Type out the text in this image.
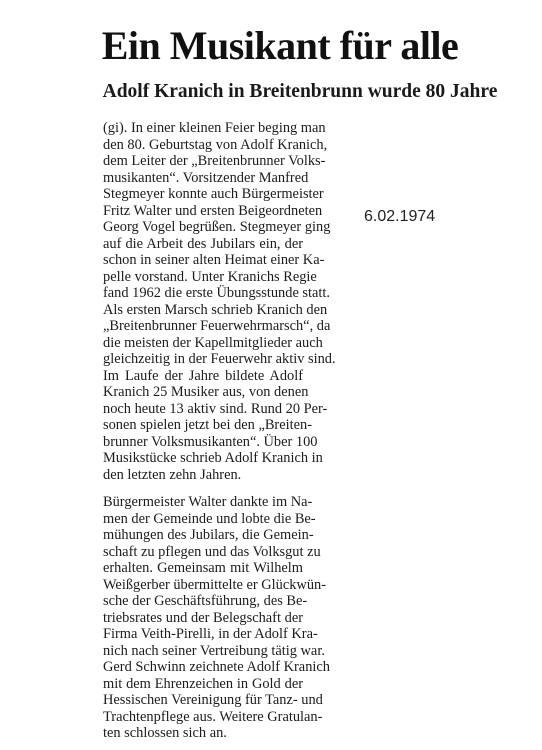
Ein Musikant für alle
Adolf Kranich in Breitenbrunn wurde 80 Jahre
6.02.1974
(gi). In einer kleinen Feier beging man
den 80. Geburtstag von Adolf Kranich,
dem Leiter der „Breitenbrunner Volks-
musikanten“. Vorsitzender Manfred
Stegmeyer konnte auch Bürgermeister
Fritz Walter und ersten Beigeordneten
Georg Vogel begrüßen. Stegmeyer ging
auf die Arbeit des Jubilars ein, der
schon in seiner alten Heimat einer Ka-
pelle vorstand. Unter Kranichs Regie
fand 1962 die erste Übungsstunde statt.
Als ersten Marsch schrieb Kranich den
„Breitenbrunner Feuerwehrmarsch“, da
die meisten der Kapellmitglieder auch
gleichzeitig in der Feuerwehr aktiv sind.
Im Laufe der Jahre bildete Adolf
Kranich 25 Musiker aus, von denen
noch heute 13 aktiv sind. Rund 20 Per-
sonen spielen jetzt bei den „Breiten-
brunner Volksmusikanten“. Über 100
Musikstücke schrieb Adolf Kranich in
den letzten zehn Jahren.
Bürgermeister Walter dankte im Na-
men der Gemeinde und lobte die Be-
mühungen des Jubilars, die Gemein-
schaft zu pflegen und das Volksgut zu
erhalten. Gemeinsam mit Wilhelm
Weißgerber übermittelte er Glückwün-
sche der Geschäftsführung, des Be-
triebsrates und der Belegschaft der
Firma Veith-Pirelli, in der Adolf Kra-
nich nach seiner Vertreibung tätig war.
Gerd Schwinn zeichnete Adolf Kranich
mit dem Ehrenzeichen in Gold der
Hessischen Vereinigung für Tanz- und
Trachtenpflege aus. Weitere Gratulan-
ten schlossen sich an.
